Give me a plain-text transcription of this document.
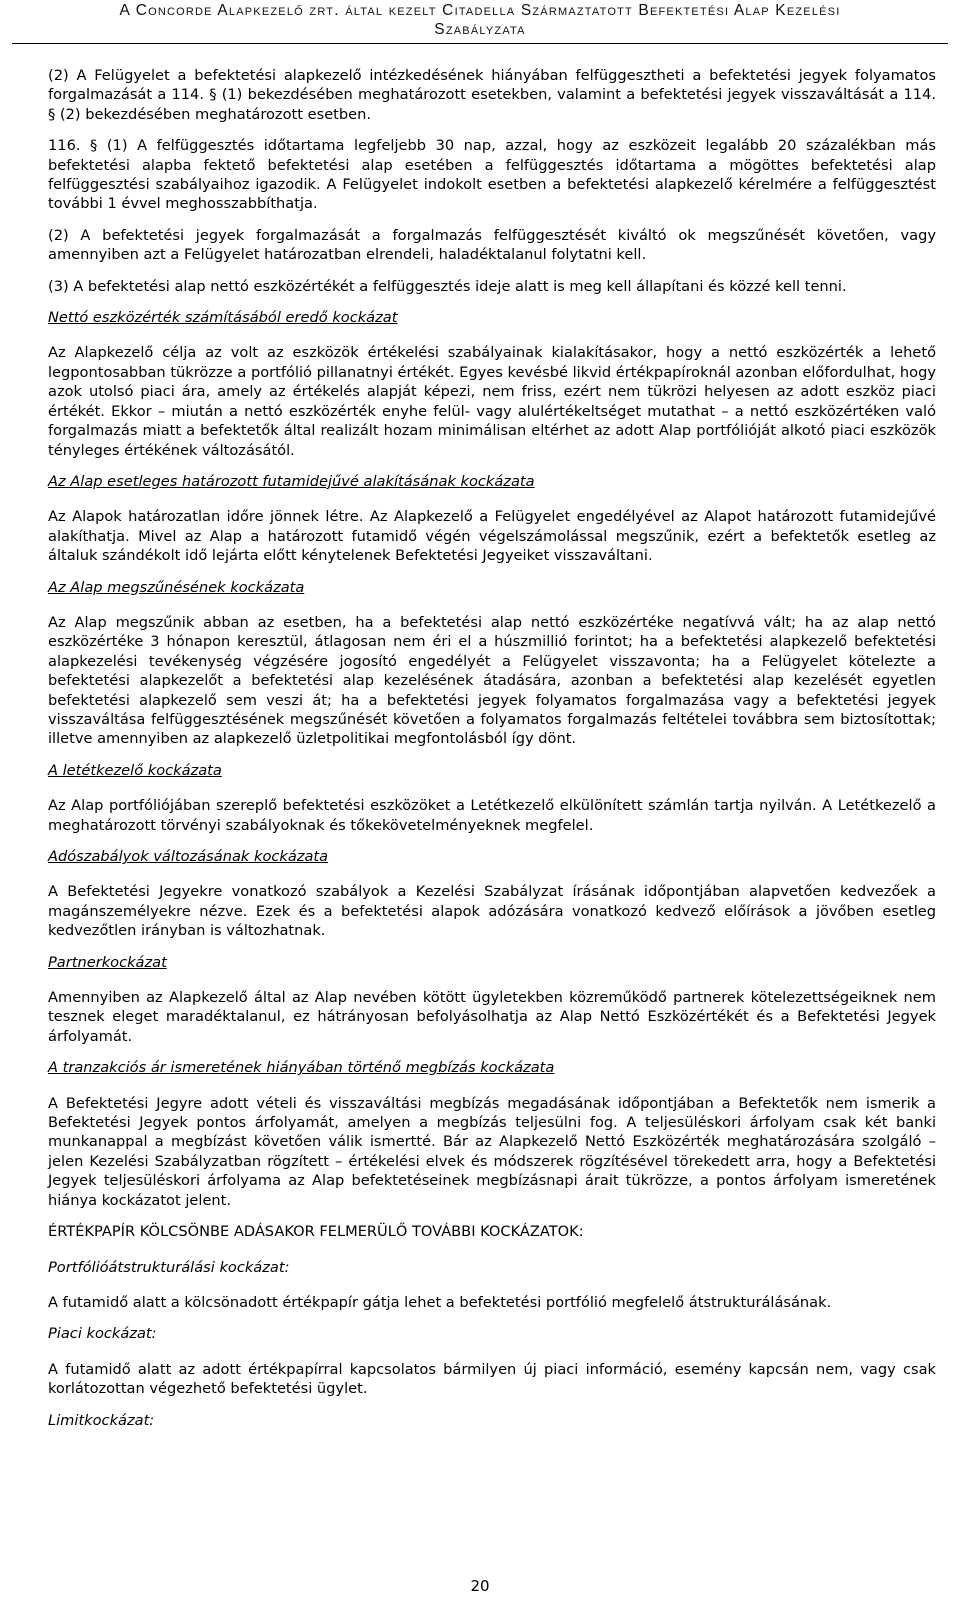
A Concorde Alapkezelő zrt. által kezelt Citadella Származtatott Befektetési Alap Kezelési
Szabályzata

(2) A Felügyelet a befektetési alapkezelő intézkedésének hiányában felfüggesztheti a befektetési jegyek folyamatos forgalmazását a 114. § (1) bekezdésében meghatározott esetekben, valamint a befektetési jegyek visszaváltását a 114. § (2) bekezdésében meghatározott esetben.

116. § (1) A felfüggesztés időtartama legfeljebb 30 nap, azzal, hogy az eszközeit legalább 20 százalékban más befektetési alapba fektető befektetési alap esetében a felfüggesztés időtartama a mögöttes befektetési alap felfüggesztési szabályaihoz igazodik. A Felügyelet indokolt esetben a befektetési alapkezelő kérelmére a felfüggesztést további 1 évvel meghosszabbíthatja.

(2) A befektetési jegyek forgalmazását a forgalmazás felfüggesztését kiváltó ok megszűnését követően, vagy amennyiben azt a Felügyelet határozatban elrendeli, haladéktalanul folytatni kell.

(3) A befektetési alap nettó eszközértékét a felfüggesztés ideje alatt is meg kell állapítani és közzé kell tenni.

Nettó eszközérték számításából eredő kockázat

Az Alapkezelő célja az volt az eszközök értékelési szabályainak kialakításakor, hogy a nettó eszközérték a lehető legpontosabban tükrözze a portfólió pillanatnyi értékét. Egyes kevésbé likvid értékpapíroknál azonban előfordulhat, hogy azok utolsó piaci ára, amely az értékelés alapját képezi, nem friss, ezért nem tükrözi helyesen az adott eszköz piaci értékét. Ekkor – miután a nettó eszközérték enyhe felül- vagy alulértékeltséget mutathat – a nettó eszközértéken való forgalmazás miatt a befektetők által realizált hozam minimálisan eltérhet az adott Alap portfólióját alkotó piaci eszközök tényleges értékének változásától.

Az Alap esetleges határozott futamidejűvé alakításának kockázata

Az Alapok határozatlan időre jönnek létre. Az Alapkezelő a Felügyelet engedélyével az Alapot határozott futamidejűvé alakíthatja. Mivel az Alap a határozott futamidő végén végelszámolással megszűnik, ezért a befektetők esetleg az általuk szándékolt idő lejárta előtt kénytelenek Befektetési Jegyeiket visszaváltani.

Az Alap megszűnésének kockázata

Az Alap megszűnik abban az esetben, ha a befektetési alap nettó eszközértéke negatívvá vált; ha az alap nettó eszközértéke 3 hónapon keresztül, átlagosan nem éri el a húszmillió forintot; ha a befektetési alapkezelő befektetési alapkezelési tevékenység végzésére jogosító engedélyét a Felügyelet visszavonta; ha a Felügyelet kötelezte a befektetési alapkezelőt a befektetési alap kezelésének átadására, azonban a befektetési alap kezelését egyetlen befektetési alapkezelő sem veszi át; ha a befektetési jegyek folyamatos forgalmazása vagy a befektetési jegyek visszaváltása felfüggesztésének megszűnését követően a folyamatos forgalmazás feltételei továbbra sem biztosítottak; illetve amennyiben az alapkezelő üzletpolitikai megfontolásból így dönt.

A letétkezelő kockázata

Az Alap portfóliójában szereplő befektetési eszközöket a Letétkezelő elkülönített számlán tartja nyilván. A Letétkezelő a meghatározott törvényi szabályoknak és tőkekövetelményeknek megfelel.

Adószabályok változásának kockázata

A Befektetési Jegyekre vonatkozó szabályok a Kezelési Szabályzat írásának időpontjában alapvetően kedvezőek a magánszemélyekre nézve. Ezek és a befektetési alapok adózására vonatkozó kedvező előírások a jövőben esetleg kedvezőtlen irányban is változhatnak.

Partnerkockázat

Amennyiben az Alapkezelő által az Alap nevében kötött ügyletekben közreműködő partnerek kötelezettségeiknek nem tesznek eleget maradéktalanul, ez hátrányosan befolyásolhatja az Alap Nettó Eszközértékét és a Befektetési Jegyek árfolyamát.

A tranzakciós ár ismeretének hiányában történő megbízás kockázata

A Befektetési Jegyre adott vételi és visszaváltási megbízás megadásának időpontjában a Befektetők nem ismerik a Befektetési Jegyek pontos árfolyamát, amelyen a megbízás teljesülni fog. A teljesüléskori árfolyam csak két banki munkanappal a megbízást követően válik ismertté. Bár az Alapkezelő Nettó Eszközérték meghatározására szolgáló – jelen Kezelési Szabályzatban rögzített – értékelési elvek és módszerek rögzítésével törekedett arra, hogy a Befektetési Jegyek teljesüléskori árfolyama az Alap befektetéseinek megbízásnapi árait tükrözze, a pontos árfolyam ismeretének hiánya kockázatot jelent.

ÉRTÉKPAPÍR KÖLCSÖNBE ADÁSAKOR FELMERÜLŐ TOVÁBBI KOCKÁZATOK:

Portfólióátstrukturálási kockázat:

A futamidő alatt a kölcsönadott értékpapír gátja lehet a befektetési portfólió megfelelő átstrukturálásának.

Piaci kockázat:

A futamidő alatt az adott értékpapírral kapcsolatos bármilyen új piaci információ, esemény kapcsán nem, vagy csak korlátozottan végezhető befektetési ügylet.

Limitkockázat:

20
